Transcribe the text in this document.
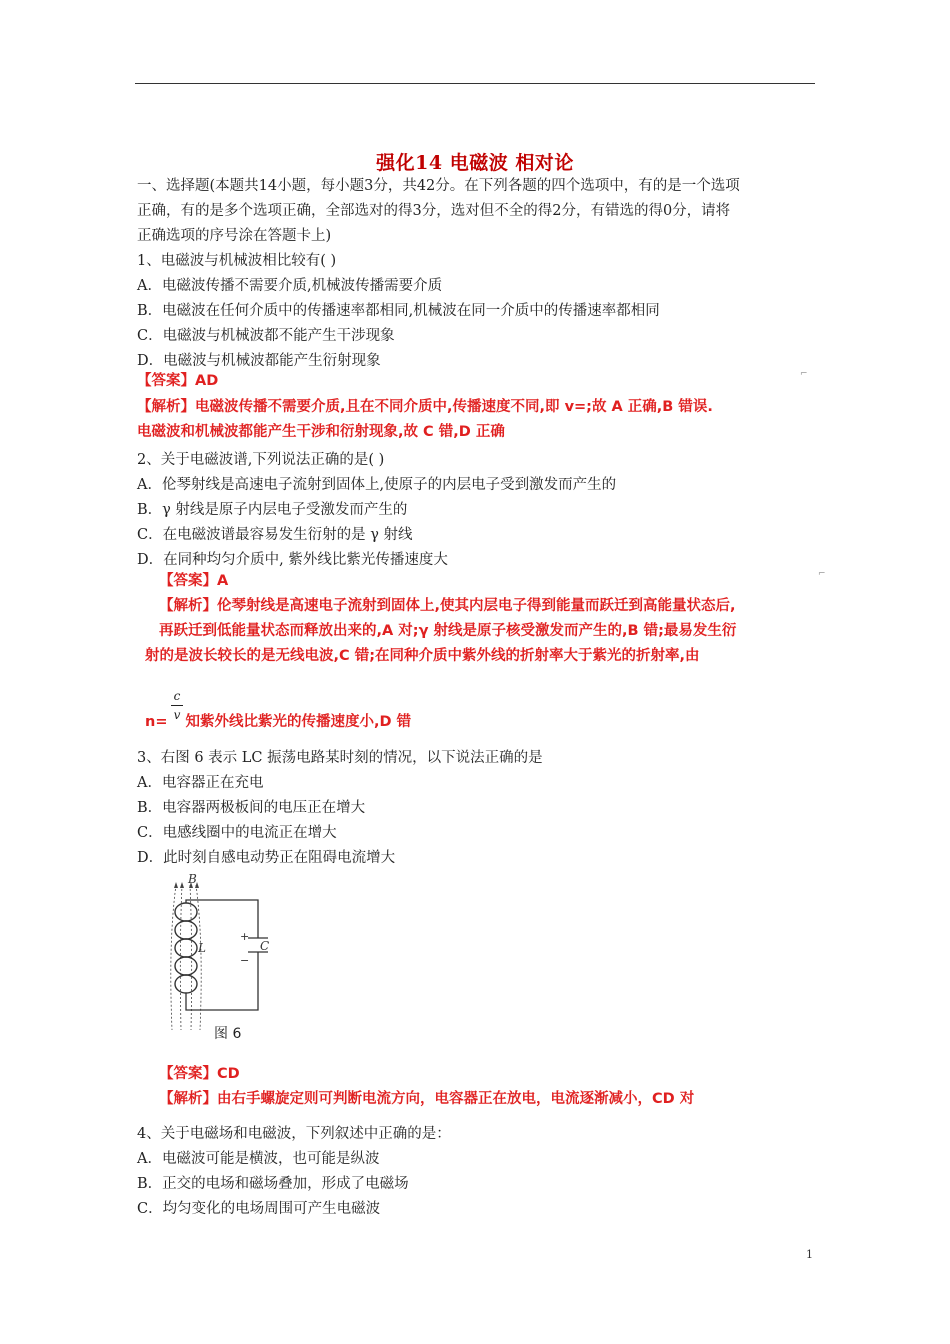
强化14 电磁波 相对论
一、选择题(本题共14小题，每小题3分，共42分。在下列各题的四个选项中，有的是一个选项
正确，有的是多个选项正确，全部选对的得3分，选对但不全的得2分，有错选的得0分，请将
正确选项的序号涂在答题卡上)
1、电磁波与机械波相比较有( )
A．电磁波传播不需要介质,机械波传播需要介质
B．电磁波在任何介质中的传播速率都相同,机械波在同一介质中的传播速率都相同
C．电磁波与机械波都不能产生干涉现象
D．电磁波与机械波都能产生衍射现象
【答案】AD	⌐
【解析】电磁波传播不需要介质,且在不同介质中,传播速度不同,即 v=;故 A 正确,B 错误.
电磁波和机械波都能产生干涉和衍射现象,故 C 错,D 正确
2、关于电磁波谱,下列说法正确的是( )
A．伦琴射线是高速电子流射到固体上,使原子的内层电子受到激发而产生的
B．γ 射线是原子内层电子受激发而产生的
C．在电磁波谱最容易发生衍射的是 γ 射线
D．在同种均匀介质中, 紫外线比紫光传播速度大
【答案】A	⌐
【解析】伦琴射线是高速电子流射到固体上,使其内层电子得到能量而跃迁到高能量状态后,
再跃迁到低能量状态而释放出来的,A 对;γ 射线是原子核受激发而产生的,B 错;最易发生衍
射的是波长较长的是无线电波,C 错;在同种介质中紫外线的折射率大于紫光的折射率,由
c
v
n= 知紫外线比紫光的传播速度小,D 错
3、右图 6 表示 LC 振荡电路某时刻的情况，以下说法正确的是
A．电容器正在充电
B．电容器两极板间的电压正在增大
C．电感线圈中的电流正在增大
D．此时刻自感电动势正在阻碍电流增大
B
L	C
+
−
图 6
【答案】CD
【解析】由右手螺旋定则可判断电流方向，电容器正在放电，电流逐渐减小，CD 对
4、关于电磁场和电磁波，下列叙述中正确的是：
A．电磁波可能是横波，也可能是纵波
B．正交的电场和磁场叠加，形成了电磁场
C．均匀变化的电场周围可产生电磁波
1
